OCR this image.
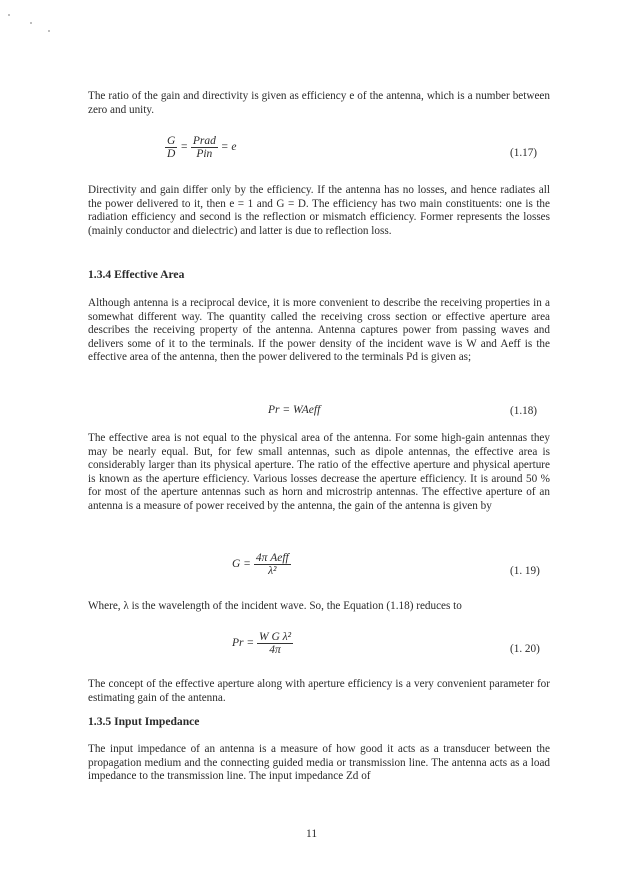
The ratio of the gain and directivity is given as efficiency e of the antenna, which is a number between zero and unity.

$\frac{G}{D} = \frac{\text{Prad}}{\text{Pin}} = e$	(1.17)

Directivity and gain differ only by the efficiency. If the antenna has no losses, and hence radiates all the power delivered to it, then e = 1 and G = D. The efficiency has two main constituents: one is the radiation efficiency and second is the reflection or mismatch efficiency. Former represents the losses (mainly conductor and dielectric) and latter is due to reflection loss.

1.3.4 Effective Area

Although antenna is a reciprocal device, it is more convenient to describe the receiving properties in a somewhat different way. The quantity called the receiving cross section or effective aperture area describes the receiving property of the antenna. Antenna captures power from passing waves and delivers some of it to the terminals. If the power density of the incident wave is W and Aeff is the effective area of the antenna, then the power delivered to the terminals Pd is given as;

Pr = WAeff	(1.18)

The effective area is not equal to the physical area of the antenna. For some high-gain antennas they may be nearly equal. But, for few small antennas, such as dipole antennas, the effective area is considerably larger than its physical aperture. The ratio of the effective aperture and physical aperture is known as the aperture efficiency. Various losses decrease the aperture efficiency. It is around 50 % for most of the aperture antennas such as horn and microstrip antennas. The effective aperture of an antenna is a measure of power received by the antenna, the gain of the antenna is given by

$G = \frac{\text{4π Aeff}}{\text{λ²}}$	(1. 19)

Where, λ is the wavelength of the incident wave. So, the Equation (1.18) reduces to

$Pr = \frac{\text{W G λ²}}{4\pi}$	(1. 20)

The concept of the effective aperture along with aperture efficiency is a very convenient parameter for estimating gain of the antenna.

1.3.5 Input Impedance

The input impedance of an antenna is a measure of how good it acts as a transducer between the propagation medium and the connecting guided media or transmission line. The antenna acts as a load impedance to the transmission line. The input impedance Zd of

11
